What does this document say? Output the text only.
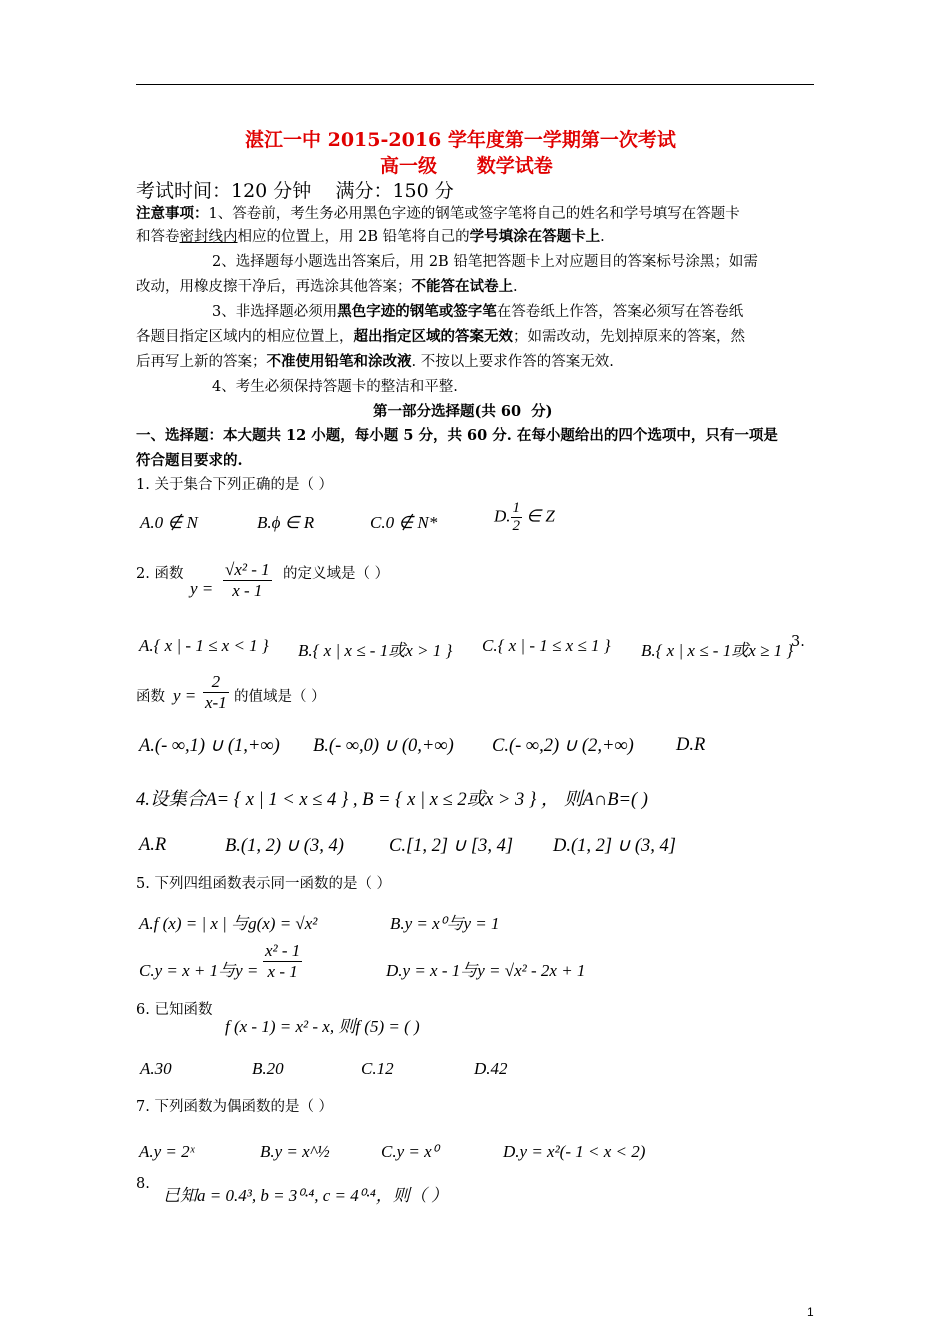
湛江一中 2015-2016 学年度第一学期第一次考试
高一级      数学试卷
考试时间：120 分钟    满分：150 分
注意事项：1、答卷前，考生务必用黑色字迹的钢笔或签字笔将自己的姓名和学号填写在答题卡
和答卷密封线内相应的位置上，用 2B 铅笔将自己的学号填涂在答题卡上.
2、选择题每小题选出答案后，用 2B 铅笔把答题卡上对应题目的答案标号涂黑；如需
改动，用橡皮擦干净后，再选涂其他答案；不能答在试卷上.
3、非选择题必须用黑色字迹的钢笔或签字笔在答卷纸上作答，答案必须写在答卷纸
各题目指定区域内的相应位置上，超出指定区域的答案无效；如需改动，先划掉原来的答案，然
后再写上新的答案；不准使用铅笔和涂改液. 不按以上要求作答的答案无效.
4、考生必须保持答题卡的整洁和平整.
第一部分选择题(共 60  分)
一、选择题：本大题共 12 小题，每小题 5 分，共 60 分. 在每小题给出的四个选项中，只有一项是
符合题目要求的.
1. 关于集合下列正确的是（ ）
A.0 ∉ N	B.ϕ ∈ R	C.0 ∉ N*	D. $\frac{1}{2}$ ∈ Z
2. 函数
$y = \frac{\text{√x² - 1}}{x - 1}$ 的定义域是（ ）
A.{ x | - 1 ≤ x < 1 } B.{ x | x ≤ - 1或x > 1 } C.{ x | - 1 ≤ x ≤ 1 } B.{ x | x ≤ - 1或x ≥ 1 }
3.
函数 $y = \frac{2}{x-1}$ 的值域是（ ）
A.(- ∞,1) ∪ (1,+∞) B.(- ∞,0) ∪ (0,+∞) C.(- ∞,2) ∪ (2,+∞) D.R
4.设集合A= { x | 1 < x ≤ 4 } , B = { x | x ≤ 2或x > 3 } ， 则A∩B=( )
A.R	B.(1, 2) ∪ (3, 4) C.[1, 2] ∪ [3, 4] D.(1, 2] ∪ (3, 4]
5. 下列四组函数表示同一函数的是（ ）
A.f (x) = | x | 与g(x) = √x²	B.y = x⁰与y = 1
C.y = x + 1与$y = \frac{\text{x² - 1}}{x - 1}$	D.y = x - 1与y = √x² - 2x + 1
6. 已知函数
f (x - 1) = x² - x, 则f (5) = ( )
A.30	B.20	C.12	D.42
7. 下列函数为偶函数的是（ ）
A.y = 2ˣ	B.y = x^½	C.y = x⁰	D.y = x²(- 1 < x < 2)
8.
已知a = 0.4³, b = 3⁰·⁴, c = 4⁰·⁴，则（ ）
1
